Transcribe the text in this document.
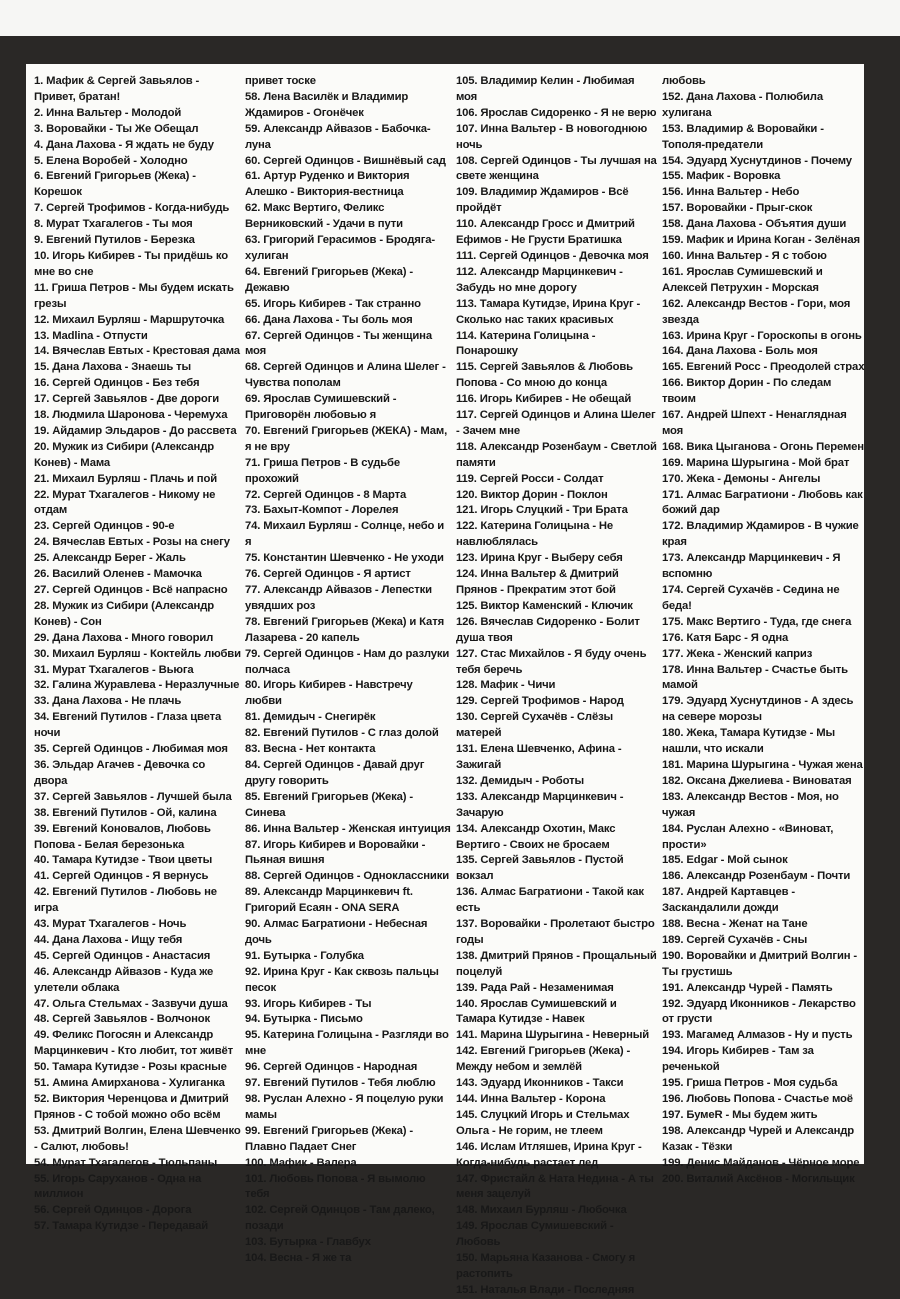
1. Мафик & Сергей Завьялов - Привет, братан!

2. Инна Вальтер - Молодой

3. Воровайки - Ты Же Обещал

4. Дана Лахова - Я ждать не буду

5. Елена Воробей - Холодно

6. Евгений Григорьев (Жека) - Корешок

7. Сергей Трофимов - Когда-нибудь

8. Мурат Тхагалегов - Ты моя

9. Евгений Путилов - Березка

10. Игорь Кибирев - Ты придёшь ко мне во сне

11. Гриша Петров - Мы будем искать грезы

12. Михаил Бурляш - Маршруточка

13. Madlina - Отпусти

14. Вячеслав Евтых - Крестовая дама

15. Дана Лахова - Знаешь ты

16. Сергей Одинцов - Без тебя

17. Сергей Завьялов - Две дороги

18. Людмила Шаронова - Черемуха

19. Айдамир Эльдаров - До рассвета

20. Мужик из Сибири (Александр Конев) - Мама

21. Михаил Бурляш - Плачь и пой

22. Мурат Тхагалегов - Никому не отдам

23. Сергей Одинцов - 90-е

24. Вячеслав Евтых - Розы на снегу

25. Александр Берег - Жаль

26. Василий Оленев - Мамочка

27. Сергей Одинцов - Всё напрасно

28. Мужик из Сибири (Александр Конев) - Сон

29. Дана Лахова - Много говорил

30. Михаил Бурляш - Коктейль любви

31. Мурат Тхагалегов - Вьюга

32. Галина Журавлева - Неразлучные

33. Дана Лахова - Не плачь

34. Евгений Путилов - Глаза цвета ночи

35. Сергей Одинцов - Любимая моя

36. Эльдар Агачев - Девочка со двора

37. Сергей Завьялов - Лучшей была

38. Евгений Путилов - Ой, калина

39. Евгений Коновалов, Любовь Попова - Белая березонька

40. Тамара Кутидзе - Твои цветы

41. Сергей Одинцов - Я вернусь

42. Евгений Путилов - Любовь не игра

43. Мурат Тхагалегов - Ночь

44. Дана Лахова - Ищу тебя

45. Сергей Одинцов - Анастасия

46. Александр Айвазов - Куда же улетели облака

47. Ольга Стельмах - Зазвучи душа

48. Сергей Завьялов - Волчонок

49. Феликс Погосян и Александр Марцинкевич - Кто любит, тот живёт

50. Тамара Кутидзе - Розы красные

51. Амина Амирханова - Хулиганка

52. Виктория Черенцова и Дмитрий Прянов - С тобой можно обо всём

53. Дмитрий Волгин, Елена Шевченко - Салют, любовь!

54. Мурат Тхагалегов - Тюльпаны

55. Игорь Саруханов - Одна на миллион

56. Сергей Одинцов - Дорога

57. Тамара Кутидзе - Передавай

привет тоске

58. Лена Василёк и Владимир Ждамиров - Огонёчек

59. Александр Айвазов - Бабочка-луна

60. Сергей Одинцов - Вишнёвый сад

61. Артур Руденко и Виктория Алешко - Виктория-вестница

62. Макс Вертиго, Феликс Верниковский - Удачи в пути

63. Григорий Герасимов - Бродяга-хулиган

64. Евгений Григорьев (Жека) - Дежавю

65. Игорь Кибирев - Так странно

66. Дана Лахова - Ты боль моя

67. Сергей Одинцов - Ты женщина моя

68. Сергей Одинцов и Алина Шелег - Чувства пополам

69. Ярослав Сумишевский - Приговорён любовью я

70. Евгений Григорьев (ЖЕКА) - Мам, я не вру

71. Гриша Петров - В судьбе прохожий

72. Сергей Одинцов - 8 Марта

73. Бахыт-Компот - Лорелея

74. Михаил Бурляш - Солнце, небо и я

75. Константин Шевченко - Не уходи

76. Сергей Одинцов - Я артист

77. Александр Айвазов - Лепестки увядших роз

78. Евгений Григорьев (Жека) и Катя Лазарева - 20 капель

79. Сергей Одинцов - Нам до разлуки полчаса

80. Игорь Кибирев - Навстречу любви

81. Демидыч - Снегирёк

82. Евгений Путилов - С глаз долой

83. Весна - Нет контакта

84. Сергей Одинцов - Давай друг другу говорить

85. Евгений Григорьев (Жека) - Синева

86. Инна Вальтер - Женская интуиция

87. Игорь Кибирев и Воровайки - Пьяная вишня

88. Сергей Одинцов - Одноклассники

89. Александр Марцинкевич ft. Григорий Есаян - ONA SERA

90. Алмас Багратиони - Небесная дочь

91. Бутырка - Голубка

92. Ирина Круг - Как сквозь пальцы песок

93. Игорь Кибирев - Ты

94. Бутырка - Письмо

95. Катерина Голицына - Разгляди во мне

96. Сергей Одинцов - Народная

97. Евгений Путилов - Тебя люблю

98. Руслан Алехно - Я поцелую руки мамы

99. Евгений Григорьев (Жека) - Плавно Падает Снег

100. Мафик - Валера

101. Любовь Попова - Я вымолю тебя

102. Сергей Одинцов - Там далеко, позади

103. Бутырка - Главбух

104. Весна - Я же та

105. Владимир Келин - Любимая моя

106. Ярослав Сидоренко - Я не верю

107. Инна Вальтер - В новогоднюю ночь

108. Сергей Одинцов - Ты лучшая на свете женщина

109. Владимир Ждамиров - Всё пройдёт

110. Александр Гросс и Дмитрий Ефимов - Не Грусти Братишка

111. Сергей Одинцов - Девочка моя

112. Александр Марцинкевич - Забудь но мне дорогу

113. Тамара Кутидзе, Ирина Круг - Сколько нас таких красивых

114. Катерина Голицына - Понарошку

115. Сергей Завьялов & Любовь Попова - Со мною до конца

116. Игорь Кибирев - Не обещай

117. Сергей Одинцов и Алина Шелег - Зачем мне

118. Александр Розенбаум - Светлой памяти

119. Сергей Росси - Солдат

120. Виктор Дорин - Поклон

121. Игорь Слуцкий - Три Брата

122. Катерина Голицына - Не навлюблялась

123. Ирина Круг - Выберу себя

124. Инна Вальтер & Дмитрий Прянов - Прекратим этот бой

125. Виктор Каменский - Ключик

126. Вячеслав Сидоренко - Болит душа твоя

127. Стас Михайлов - Я буду очень тебя беречь

128. Мафик - Чичи

129. Сергей Трофимов - Народ

130. Сергей Сухачёв - Слёзы матерей

131. Елена Шевченко, Афина - Зажигай

132. Демидыч - Роботы

133. Александр Марцинкевич - Зачарую

134. Александр Охотин, Макс Вертиго - Своих не бросаем

135. Сергей Завьялов - Пустой вокзал

136. Алмас Багратиони - Такой как есть

137. Воровайки - Пролетают быстро годы

138. Дмитрий Прянов - Прощальный поцелуй

139. Рада Рай - Незаменимая

140. Ярослав Сумишевский и Тамара Кутидзе - Навек

141. Марина Шурыгина - Неверный

142. Евгений Григорьев (Жека) - Между небом и землёй

143. Эдуард Иконников - Такси

144. Инна Вальтер - Корона

145. Слуцкий Игорь и Стельмах Ольга - Не горим, не тлеем

146. Ислам Итляшев, Ирина Круг - Когда-нибудь растает лед

147. Фристайл & Ната Недина - А ты меня зацелуй

148. Михаил Бурляш - Любочка

149. Ярослав Сумишевский - Любовь

150. Марьяна Казанова - Смогу я растопить

151. Наталья Влади - Последняя

любовь

152. Дана Лахова - Полюбила хулигана

153. Владимир & Воровайки - Тополя-предатели

154. Эдуард Хуснутдинов - Почему

155. Мафик - Воровка

156. Инна Вальтер - Небо

157. Воровайки - Прыг-скок

158. Дана Лахова - Объятия души

159. Мафик и Ирина Коган - Зелёная

160. Инна Вальтер - Я с тобою

161. Ярослав Сумишевский и Алексей Петрухин - Морская

162. Александр Вестов - Гори, моя звезда

163. Ирина Круг - Гороскопы в огонь

164. Дана Лахова - Боль моя

165. Евгений Росс - Преодолей страх

166. Виктор Дорин - По следам твоим

167. Андрей Шпехт - Ненаглядная моя

168. Вика Цыганова - Огонь Перемен

169. Марина Шурыгина - Мой брат

170. Жека - Демоны - Ангелы

171. Алмас Багратиони - Любовь как божий дар

172. Владимир Ждамиров - В чужие края

173. Александр Марцинкевич - Я вспомню

174. Сергей Сухачёв - Седина не беда!

175. Макс Вертиго - Туда, где снега

176. Катя Барс - Я одна

177. Жека - Женский каприз

178. Инна Вальтер - Счастье быть мамой

179. Эдуард Хуснутдинов - А здесь на севере морозы

180. Жека, Тамара Кутидзе - Мы нашли, что искали

181. Марина Шурыгина - Чужая жена

182. Оксана Джелиева - Виноватая

183. Александр Вестов - Моя, но чужая

184. Руслан Алехно - «Виноват, прости»

185. Edgar - Мой сынок

186. Александр Розенбаум - Почти

187. Андрей Картавцев - Заскандалили дожди

188. Весна - Женат на Тане

189. Сергей Сухачёв - Сны

190. Воровайки и Дмитрий Волгин - Ты грустишь

191. Александр Чурей - Память

192. Эдуард Иконников - Лекарство от грусти

193. Магамед Алмазов - Ну и пусть

194. Игорь Кибирев - Там за реченькой

195. Гриша Петров - Моя судьба

196. Любовь Попова - Счастье моё

197. БумеR - Мы будем жить

198. Александр Чурей и Александр Казак - Тёзки

199. Денис Майданов - Чёрное море

200. Виталий Аксёнов - Могильщик
